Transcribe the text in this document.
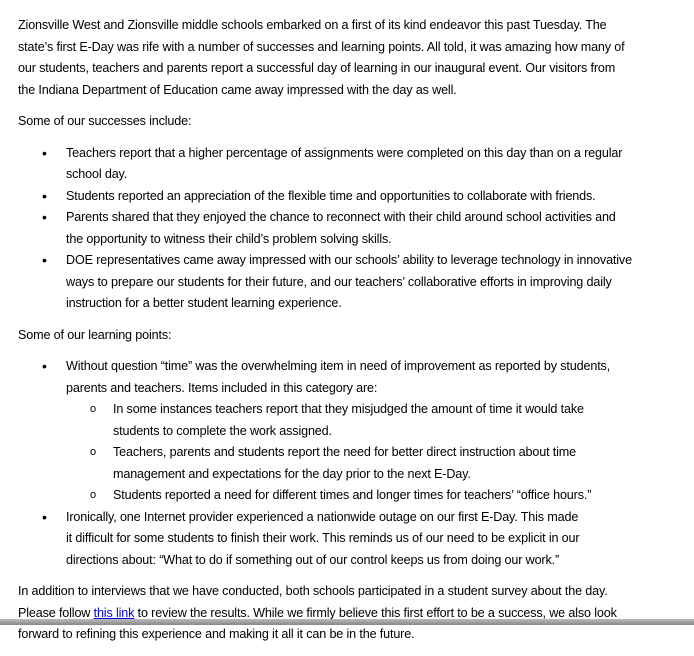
Zionsville West and Zionsville middle schools embarked on a first of its kind endeavor this past Tuesday. The
state’s first E-Day was rife with a number of successes and learning points. All told, it was amazing how many of
our students, teachers and parents report a successful day of learning in our inaugural event. Our visitors from
the Indiana Department of Education came away impressed with the day as well.
Some of our successes include:
• Teachers report that a higher percentage of assignments were completed on this day than on a regular
school day.
• Students reported an appreciation of the flexible time and opportunities to collaborate with friends.
• Parents shared that they enjoyed the chance to reconnect with their child around school activities and
the opportunity to witness their child’s problem solving skills.
• DOE representatives came away impressed with our schools’ ability to leverage technology in innovative
ways to prepare our students for their future, and our teachers’ collaborative efforts in improving daily
instruction for a better student learning experience.
Some of our learning points:
• Without question “time” was the overwhelming item in need of improvement as reported by students,
parents and teachers. Items included in this category are:
o In some instances teachers report that they misjudged the amount of time it would take
students to complete the work assigned.
o Teachers, parents and students report the need for better direct instruction about time
management and expectations for the day prior to the next E-Day.
o Students reported a need for different times and longer times for teachers’ “office hours.”
• Ironically, one Internet provider experienced a nationwide outage on our first E-Day. This made
it difficult for some students to finish their work. This reminds us of our need to be explicit in our
directions about: “What to do if something out of our control keeps us from doing our work.”
In addition to interviews that we have conducted, both schools participated in a student survey about the day.
Please follow this link to review the results. While we firmly believe this first effort to be a success, we also look
forward to refining this experience and making it all it can be in the future.
